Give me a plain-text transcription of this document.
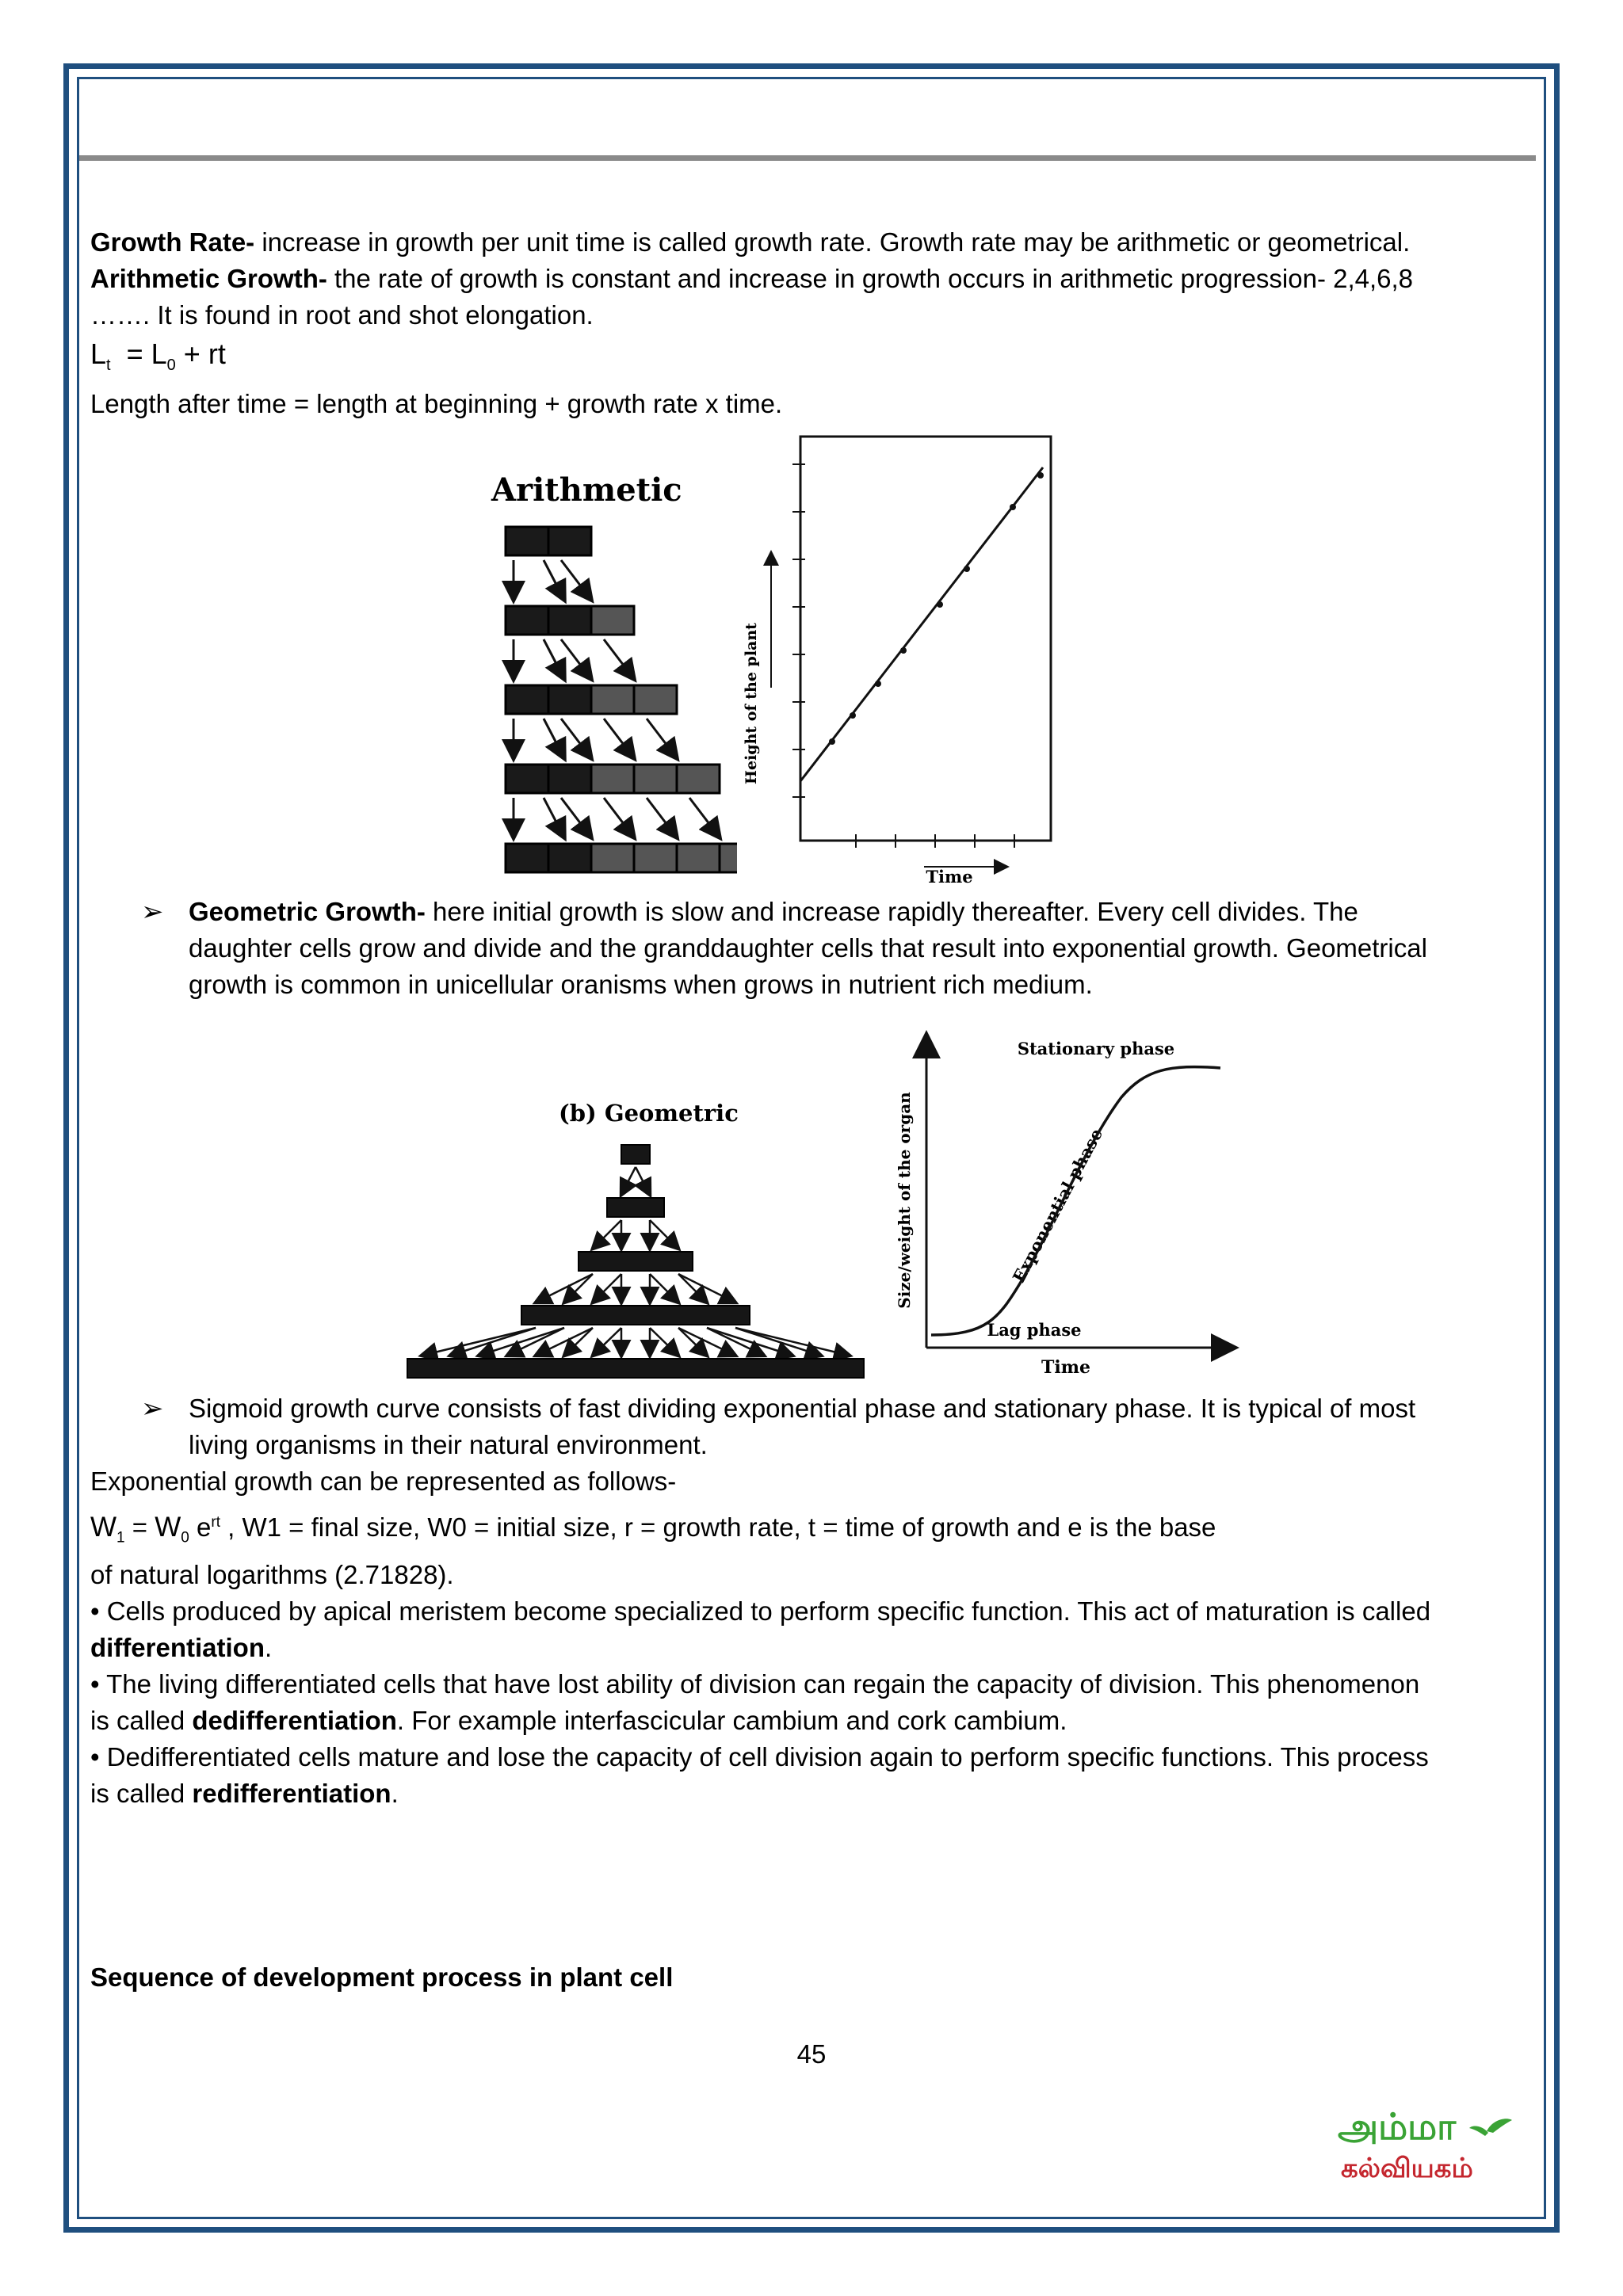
Growth Rate- increase in growth per unit time is called growth rate. Growth rate may be arithmetic or geometrical.

Arithmetic Growth- the rate of growth is constant and increase in growth occurs in arithmetic progression- 2,4,6,8

……. It is found in root and shot elongation.

$L_t = L_0$ + rt

Length after time = length at beginning + growth rate x time.

Arithmetic
Height of the plant
Time
➢ Geometric Growth- here initial growth is slow and increase rapidly thereafter. Every cell divides. The

daughter cells grow and divide and the granddaughter cells that result into exponential growth. Geometrical

growth is common in unicellular oranisms when grows in nutrient rich medium.

(b) Geometric	Size/weight of the organ
Time
Stationary phase
Exponential phase
Lag phase
➢ Sigmoid growth curve consists of fast dividing exponential phase and stationary phase. It is typical of most

living organisms in their natural environment.

Exponential growth can be represented as follows-

$W_1 = W_0$ $e^{rt}$ , W1 = final size, W0 = initial size, r = growth rate, t = time of growth and e is the base

of natural logarithms (2.71828).

• Cells produced by apical meristem become specialized to perform specific function. This act of maturation is called

differentiation.

• The living differentiated cells that have lost ability of division can regain the capacity of division. This phenomenon

is called dedifferentiation. For example interfascicular cambium and cork cambium.

• Dedifferentiated cells mature and lose the capacity of cell division again to perform specific functions. This process

is called redifferentiation.

Sequence of development process in plant cell

45
அம்மா
கல்வியகம்
